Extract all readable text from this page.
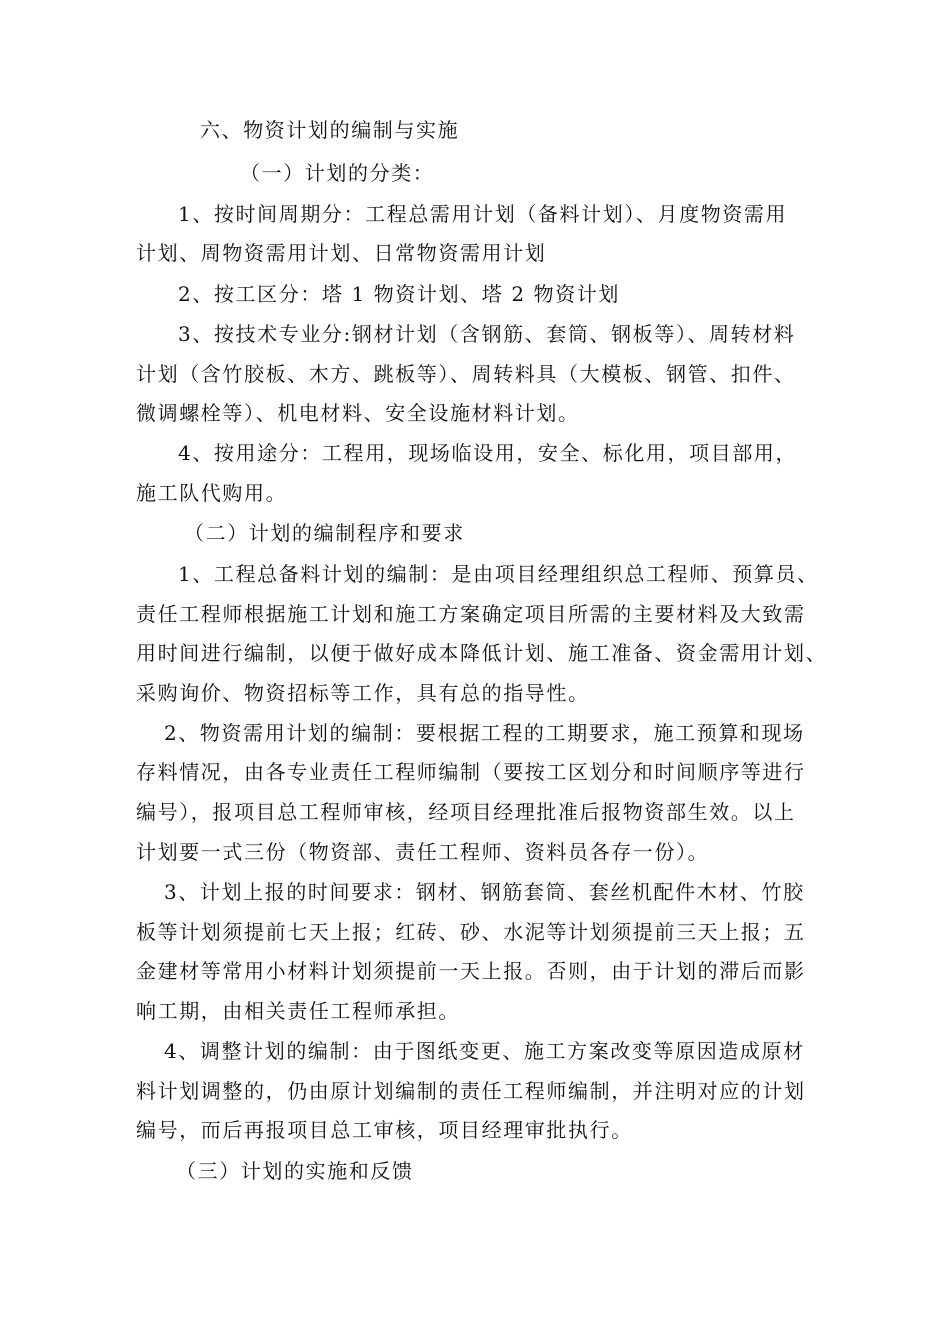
六、物资计划的编制与实施
（一）计划的分类：
1、按时间周期分：工程总需用计划（备料计划）、月度物资需用
计划、周物资需用计划、日常物资需用计划
2、按工区分：塔 1 物资计划、塔 2 物资计划
3、按技术专业分:钢材计划（含钢筋、套筒、钢板等）、周转材料
计划（含竹胶板、木方、跳板等）、周转料具（大模板、钢管、扣件、
微调螺栓等）、机电材料、安全设施材料计划。
4、按用途分：工程用，现场临设用，安全、标化用，项目部用，
施工队代购用。
（二）计划的编制程序和要求
1、工程总备料计划的编制：是由项目经理组织总工程师、预算员、
责任工程师根据施工计划和施工方案确定项目所需的主要材料及大致需
用时间进行编制，以便于做好成本降低计划、施工准备、资金需用计划、
采购询价、物资招标等工作，具有总的指导性。
2、物资需用计划的编制：要根据工程的工期要求，施工预算和现场
存料情况，由各专业责任工程师编制（要按工区划分和时间顺序等进行
编号），报项目总工程师审核，经项目经理批准后报物资部生效。以上
计划要一式三份（物资部、责任工程师、资料员各存一份）。
3、计划上报的时间要求：钢材、钢筋套筒、套丝机配件木材、竹胶
板等计划须提前七天上报；红砖、砂、水泥等计划须提前三天上报；五
金建材等常用小材料计划须提前一天上报。否则，由于计划的滞后而影
响工期，由相关责任工程师承担。
4、调整计划的编制：由于图纸变更、施工方案改变等原因造成原材
料计划调整的，仍由原计划编制的责任工程师编制，并注明对应的计划
编号，而后再报项目总工审核，项目经理审批执行。
（三）计划的实施和反馈
